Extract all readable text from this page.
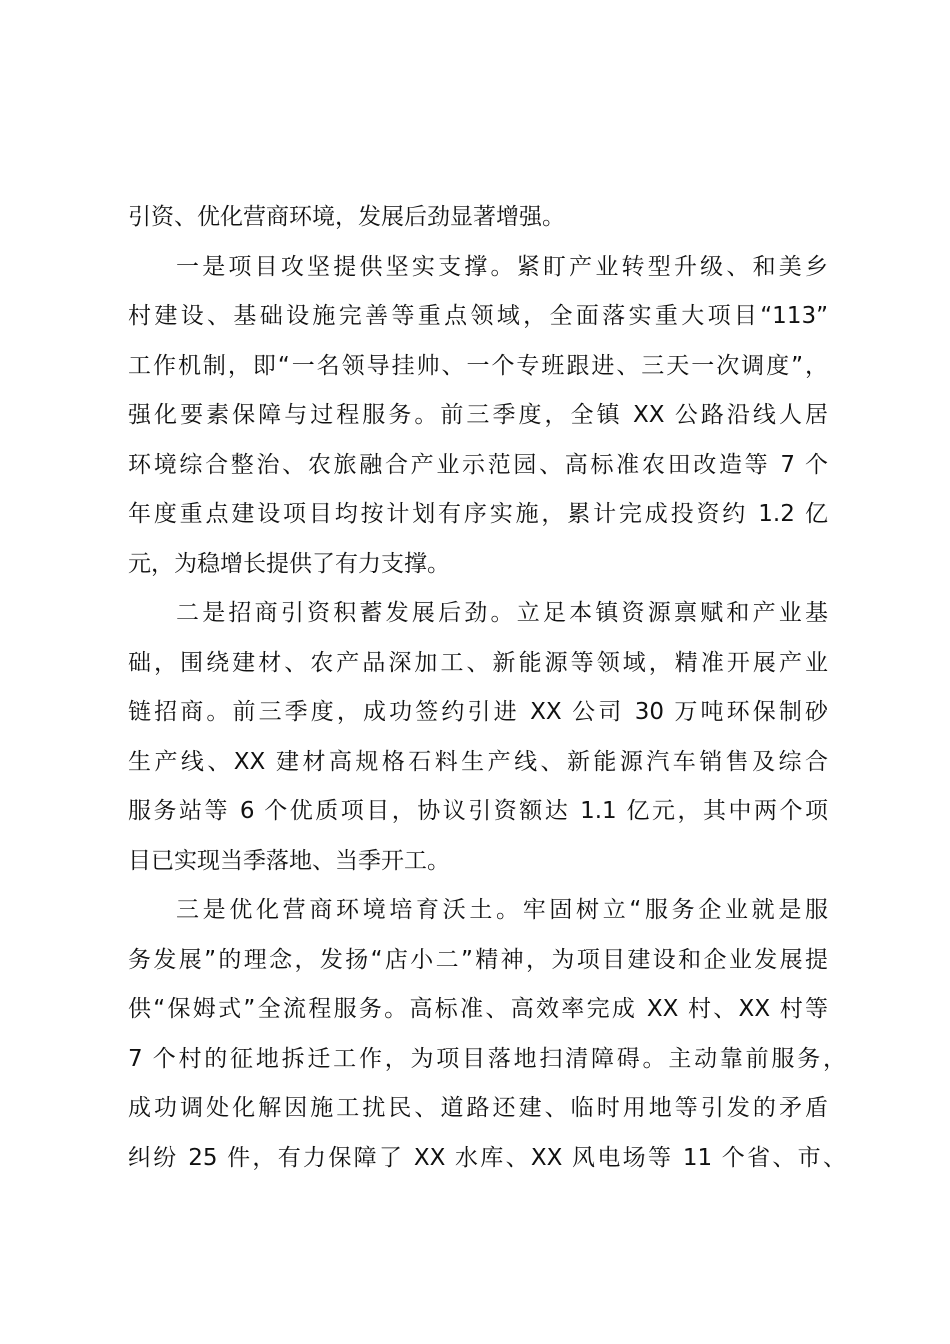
引资、优化营商环境，发展后劲显著增强。
一是项目攻坚提供坚实支撑。紧盯产业转型升级、和美乡
村建设、基础设施完善等重点领域，全面落实重大项目“113”
工作机制，即“一名领导挂帅、一个专班跟进、三天一次调度”，
强化要素保障与过程服务。前三季度，全镇 XX 公路沿线人居
环境综合整治、农旅融合产业示范园、高标准农田改造等 7 个
年度重点建设项目均按计划有序实施，累计完成投资约 1.2 亿
元，为稳增长提供了有力支撑。
二是招商引资积蓄发展后劲。立足本镇资源禀赋和产业基
础，围绕建材、农产品深加工、新能源等领域，精准开展产业
链招商。前三季度，成功签约引进 XX 公司 30 万吨环保制砂
生产线、XX 建材高规格石料生产线、新能源汽车销售及综合
服务站等 6 个优质项目，协议引资额达 1.1 亿元，其中两个项
目已实现当季落地、当季开工。
三是优化营商环境培育沃土。牢固树立“服务企业就是服
务发展”的理念，发扬“店小二”精神，为项目建设和企业发展提
供“保姆式”全流程服务。高标准、高效率完成 XX 村、XX 村等
7 个村的征地拆迁工作，为项目落地扫清障碍。主动靠前服务，
成功调处化解因施工扰民、道路还建、临时用地等引发的矛盾
纠纷 25 件，有力保障了 XX 水库、XX 风电场等 11 个省、市、
